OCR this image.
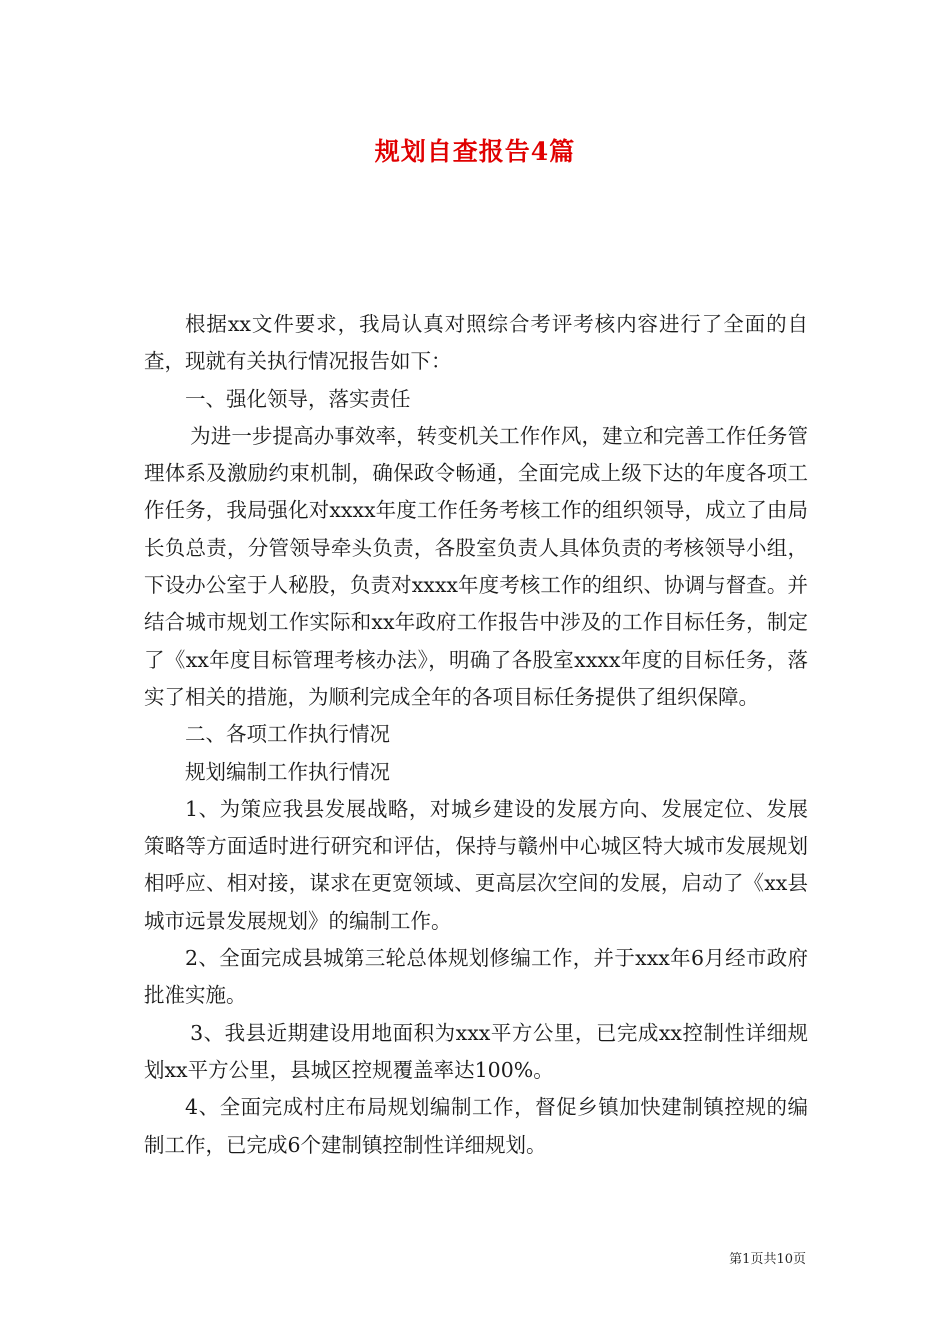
规划自查报告4篇

根据xx文件要求，我局认真对照综合考评考核内容进行了全面的自查，现就有关执行情况报告如下：

一、强化领导，落实责任

为进一步提高办事效率，转变机关工作作风，建立和完善工作任务管理体系及激励约束机制，确保政令畅通，全面完成上级下达的年度各项工作任务，我局强化对xxxx年度工作任务考核工作的组织领导，成立了由局长负总责，分管领导牵头负责，各股室负责人具体负责的考核领导小组，下设办公室于人秘股，负责对xxxx年度考核工作的组织、协调与督查。并结合城市规划工作实际和xx年政府工作报告中涉及的工作目标任务，制定了《xx年度目标管理考核办法》，明确了各股室xxxx年度的目标任务，落实了相关的措施，为顺利完成全年的各项目标任务提供了组织保障。

二、各项工作执行情况

规划编制工作执行情况

1、为策应我县发展战略，对城乡建设的发展方向、发展定位、发展策略等方面适时进行研究和评估，保持与赣州中心城区特大城市发展规划相呼应、相对接，谋求在更宽领域、更高层次空间的发展，启动了《xx县城市远景发展规划》的编制工作。

2、全面完成县城第三轮总体规划修编工作，并于xxx年6月经市政府批准实施。

3、我县近期建设用地面积为xxx平方公里，已完成xx控制性详细规划xx平方公里，县城区控规覆盖率达100%。

4、全面完成村庄布局规划编制工作，督促乡镇加快建制镇控规的编制工作，已完成6个建制镇控制性详细规划。

第1页共10页
